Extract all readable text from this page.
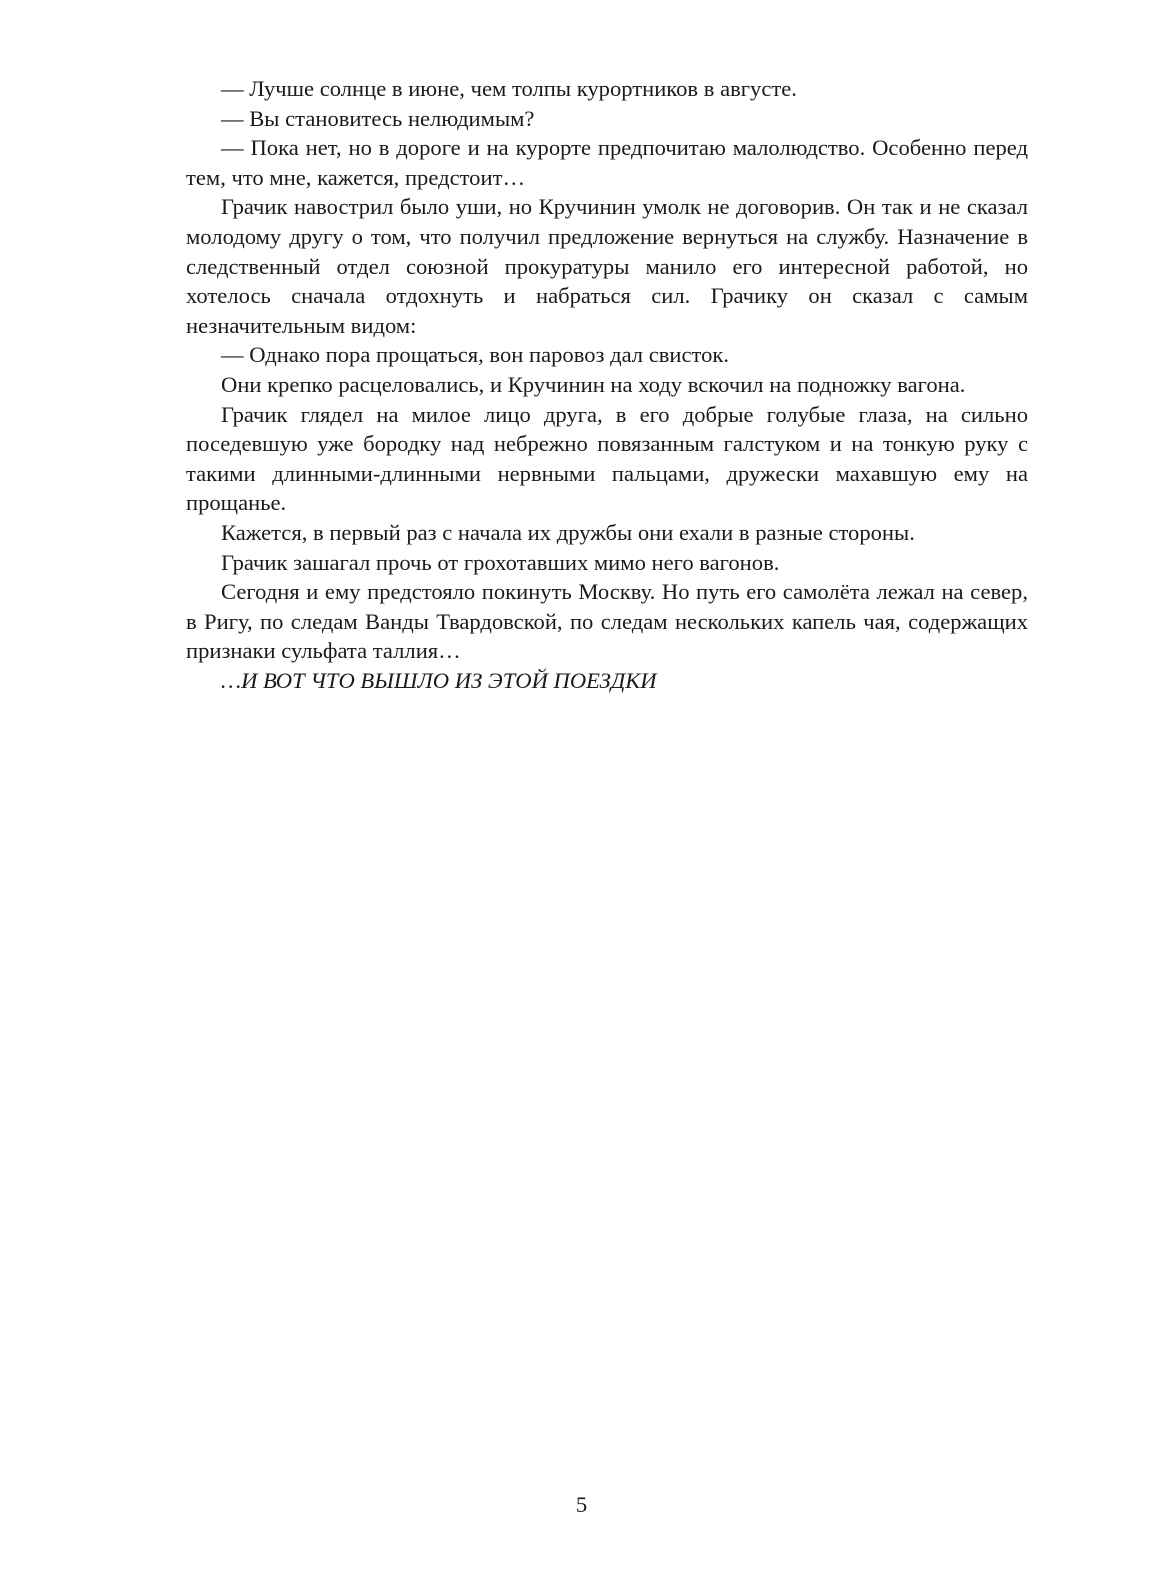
— Лучше солнце в июне, чем толпы курортников в августе.

— Вы становитесь нелюдимым?

— Пока нет, но в дороге и на курорте предпочитаю малолюдство. Особенно перед тем, что мне, кажется, предстоит…

Грачик навострил было уши, но Кручинин умолк не договорив. Он так и не сказал молодому другу о том, что получил предложение вернуться на службу. Назначение в следственный отдел союзной прокуратуры манило его интересной работой, но хотелось сначала отдохнуть и набраться сил. Грачику он сказал с самым незначительным видом:

— Однако пора прощаться, вон паровоз дал свисток.

Они крепко расцеловались, и Кручинин на ходу вскочил на подножку вагона.

Грачик глядел на милое лицо друга, в его добрые голубые глаза, на сильно поседевшую уже бородку над небрежно повязанным галстуком и на тонкую руку с такими длинными-длинными нервными пальцами, дружески махавшую ему на прощанье.

Кажется, в первый раз с начала их дружбы они ехали в разные стороны.

Грачик зашагал прочь от грохотавших мимо него вагонов.

Сегодня и ему предстояло покинуть Москву. Но путь его самолёта лежал на север, в Ригу, по следам Ванды Твардовской, по следам нескольких капель чая, содержащих признаки сульфата таллия…

…И ВОТ ЧТО ВЫШЛО ИЗ ЭТОЙ ПОЕЗДКИ

5
